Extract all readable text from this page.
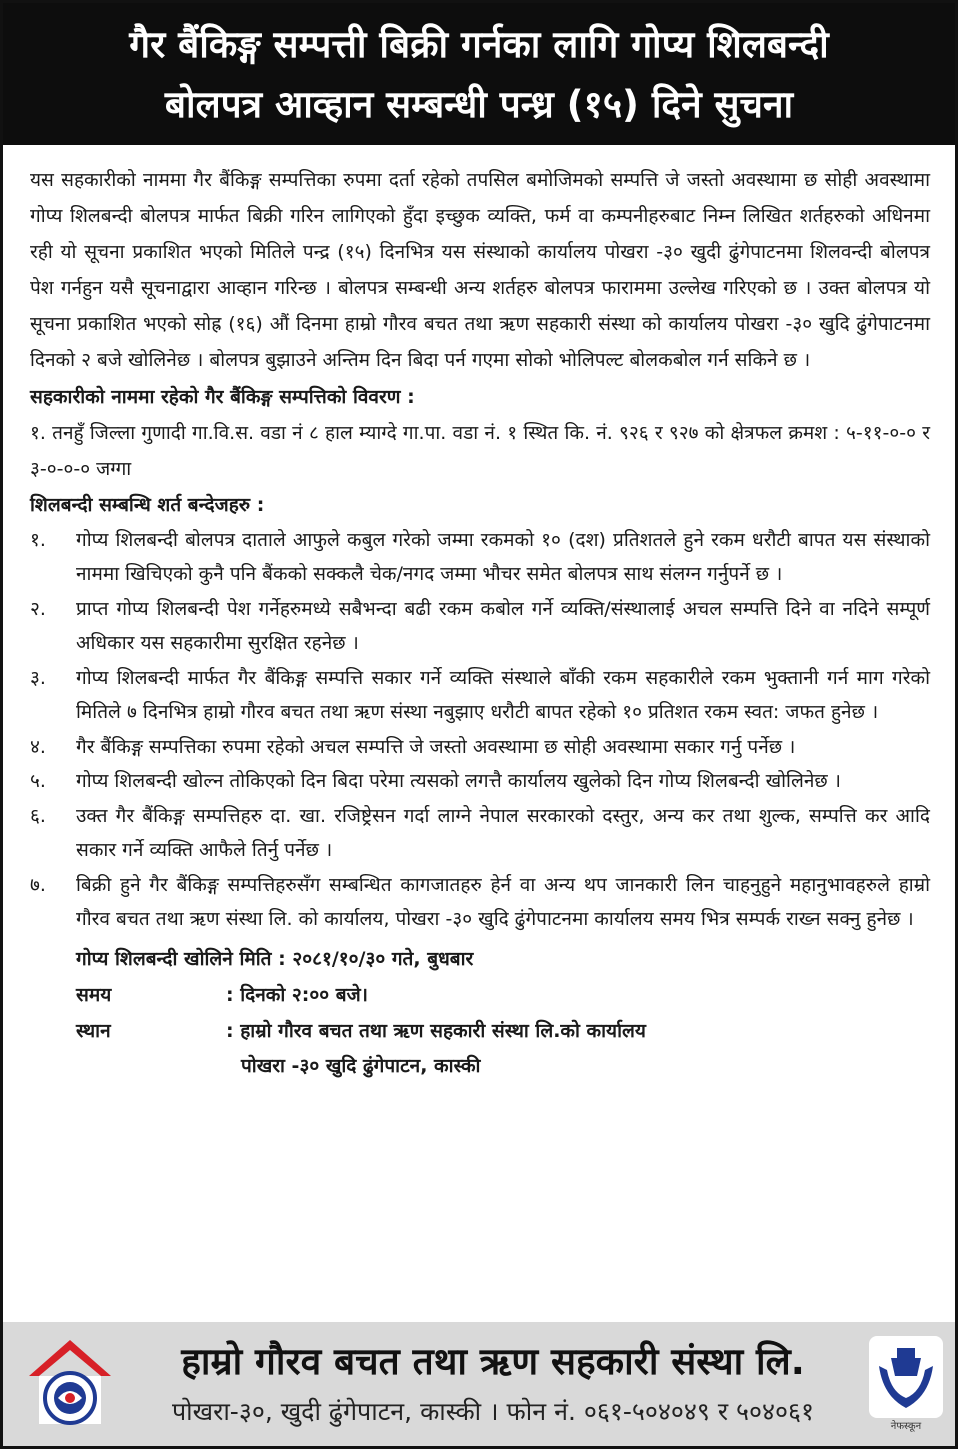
गैर बैंकिङ्ग सम्पत्ती बिक्री गर्नका लागि गोप्य शिलबन्दी
बोलपत्र आव्हान सम्बन्धी पन्ध्र (१५) दिने सुचना

यस सहकारीको नाममा गैर बैंकिङ्ग सम्पत्तिका रुपमा दर्ता रहेको तपसिल बमोजिमको सम्पत्ति जे जस्तो अवस्थामा छ सोही अवस्थामा गोप्य शिलबन्दी बोलपत्र मार्फत बिक्री गरिन लागिएको हुँदा इच्छुक व्यक्ति, फर्म वा कम्पनीहरुबाट निम्न लिखित शर्तहरुको अधिनमा रही यो सूचना प्रकाशित भएको मितिले पन्द्र (१५) दिनभित्र यस संस्थाको कार्यालय पोखरा -३० खुदी ढुंगेपाटनमा शिलवन्दी बोलपत्र पेश गर्नहुन यसै सूचनाद्वारा आव्हान गरिन्छ । बोलपत्र सम्बन्धी अन्य शर्तहरु बोलपत्र फाराममा उल्लेख गरिएको छ । उक्त बोलपत्र यो सूचना प्रकाशित भएको सोह्र (१६) औं दिनमा हाम्रो गौरव बचत तथा ऋण सहकारी संस्था को कार्यालय पोखरा -३० खुदि ढुंगेपाटनमा दिनको २ बजे खोलिनेछ । बोलपत्र बुझाउने अन्तिम दिन बिदा पर्न गएमा सोको भोलिपल्ट बोलकबोल गर्न सकिने छ ।

सहकारीको नाममा रहेको गैर बैंकिङ्ग सम्पत्तिको विवरण :

१. तनहुँ जिल्ला गुणादी गा.वि.स. वडा नं ८ हाल म्याग्दे गा.पा. वडा नं. १ स्थित कि. नं. ९२६ र ९२७ को क्षेत्रफल क्रमश : ५-११-०-० र ३-०-०-० जग्गा

शिलबन्दी सम्बन्धि शर्त बन्देजहरु :
१.	गोप्य शिलबन्दी बोलपत्र दाताले आफुले कबुल गरेको जम्मा रकमको १० (दश) प्रतिशतले हुने रकम धरौटी बापत यस संस्थाको नाममा खिचिएको कुनै पनि बैंकको सक्कलै चेक/नगद जम्मा भौचर समेत बोलपत्र साथ संलग्न गर्नुपर्ने छ ।
२.	प्राप्त गोप्य शिलबन्दी पेश गर्नेहरुमध्ये सबैभन्दा बढी रकम कबोल गर्ने व्यक्ति/संस्थालाई अचल सम्पत्ति दिने वा नदिने सम्पूर्ण अधिकार यस सहकारीमा सुरक्षित रहनेछ ।
३.	गोप्य शिलबन्दी मार्फत गैर बैंकिङ्ग सम्पत्ति सकार गर्ने व्यक्ति संस्थाले बाँकी रकम सहकारीले रकम भुक्तानी गर्न माग गरेको मितिले ७ दिनभित्र हाम्रो गौरव बचत तथा ऋण संस्था नबुझाए धरौटी बापत रहेको १० प्रतिशत रकम स्वत: जफत हुनेछ ।
४.	गैर बैंकिङ्ग सम्पत्तिका रुपमा रहेको अचल सम्पत्ति जे जस्तो अवस्थामा छ सोही अवस्थामा सकार गर्नु पर्नेछ ।
५.	गोप्य शिलबन्दी खोल्न तोकिएको दिन बिदा परेमा त्यसको लगत्तै कार्यालय खुलेको दिन गोप्य शिलबन्दी खोलिनेछ ।
६.	उक्त गैर बैंकिङ्ग सम्पत्तिहरु दा. खा. रजिष्ट्रेसन गर्दा लाग्ने नेपाल सरकारको दस्तुर, अन्य कर तथा शुल्क, सम्पत्ति कर आदि सकार गर्ने व्यक्ति आफैले तिर्नु पर्नेछ ।
७.	बिक्री हुने गैर बैंकिङ्ग सम्पत्तिहरुसँग सम्बन्धित कागजातहरु हेर्न वा अन्य थप जानकारी लिन चाहनुहुने महानुभावहरुले हाम्रो गौरव बचत तथा ऋण संस्था लि. को कार्यालय, पोखरा -३० खुदि ढुंगेपाटनमा कार्यालय समय भित्र सम्पर्क राख्न सक्नु हुनेछ ।
गोप्य शिलबन्दी खोलिने मिति : २०८१/१०/३० गते, बुधबार
समय	: दिनको २:०० बजे।
स्थान	: हाम्रो गौरव बचत तथा ऋण सहकारी संस्था लि.को कार्यालय
पोखरा -३० खुदि ढुंगेपाटन, कास्की
हाम्रो गौरव बचत तथा ऋण सहकारी संस्था लि.
पोखरा-३०, खुदी ढुंगेपाटन, कास्की । फोन नं. ०६१-५०४०४९ र ५०४०६१
नेफस्कून
